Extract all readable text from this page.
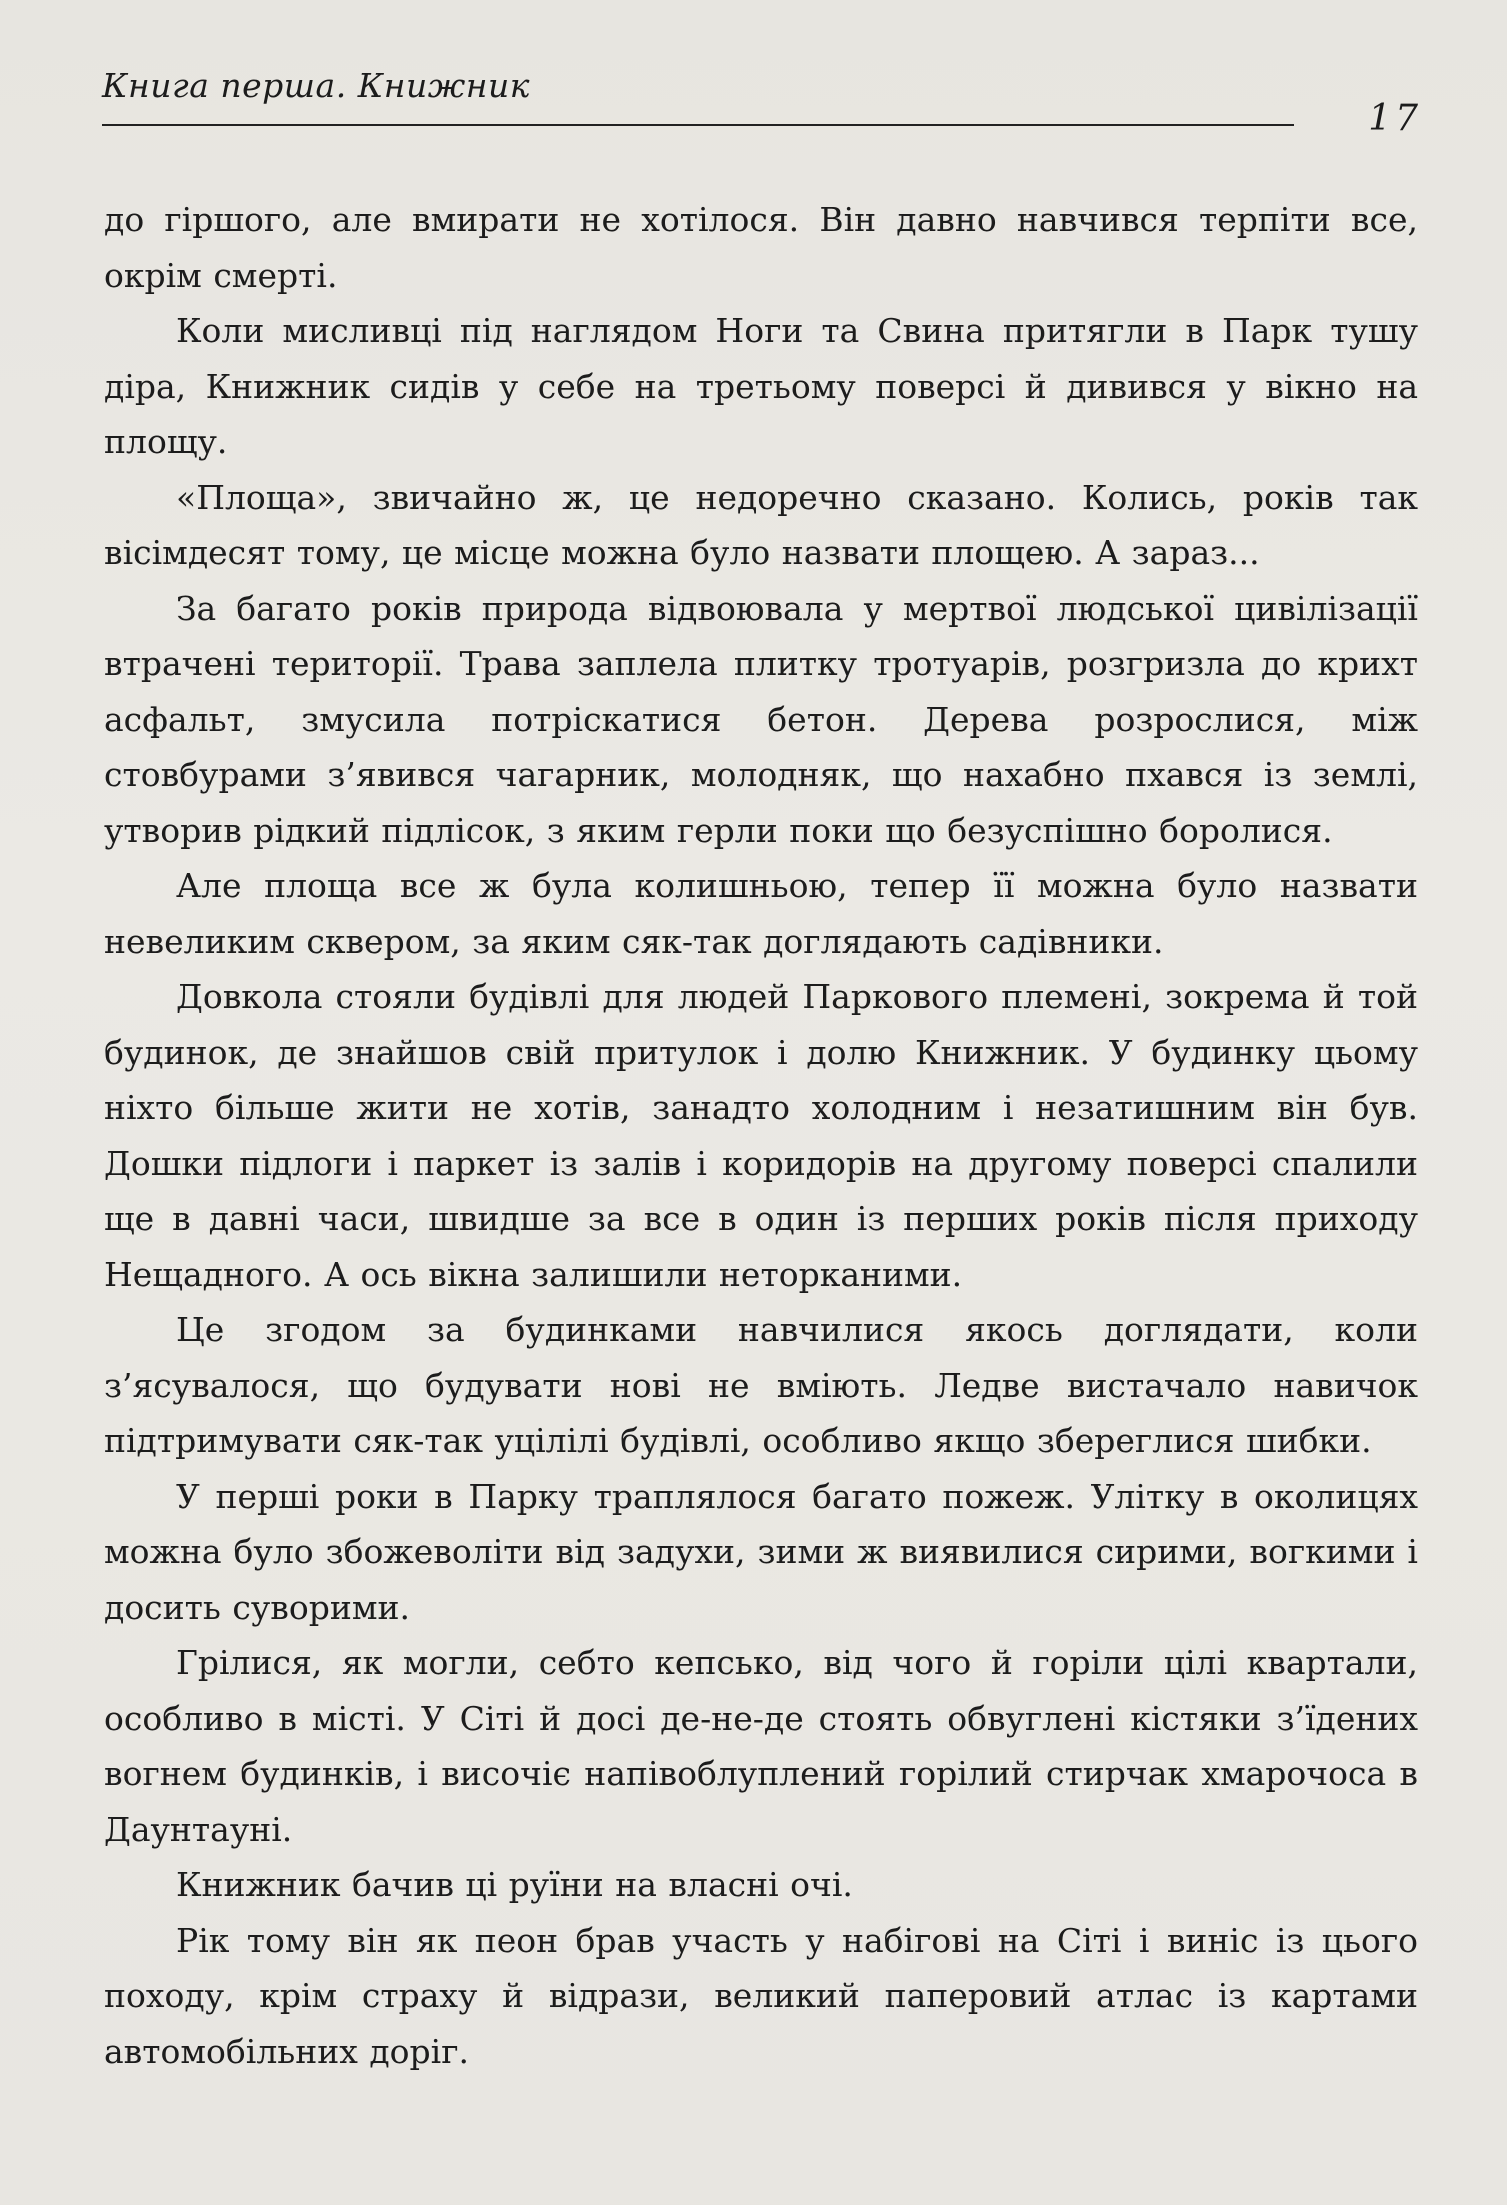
Книга перша. Книжник
17

до гіршого, але вмирати не хотілося. Він давно навчився терпіти все, окрім смерті.

Коли мисливці під наглядом Ноги та Свина притягли в Парк тушу діра, Книжник сидів у себе на третьому поверсі й дивився у вікно на площу.

«Площа», звичайно ж, це недоречно сказано. Колись, років так вісімдесят тому, це місце можна було назвати площею. А зараз...

За багато років природа відвоювала у мертвої людської цивілізації втрачені території. Трава заплела плитку тротуарів, розгризла до крихт асфальт, змусила потріскатися бетон. Дерева розрослися, між стовбурами з’явився чагарник, молодняк, що нахабно пхався із землі, утворив рідкий підлісок, з яким герли поки що безуспішно боролися.

Але площа все ж була колишньою, тепер її можна було назвати невеликим сквером, за яким сяк-так доглядають садівники.

Довкола стояли будівлі для людей Паркового племені, зокрема й той будинок, де знайшов свій притулок і долю Книжник. У будинку цьому ніхто більше жити не хотів, занадто холодним і незатишним він був. Дошки підлоги і паркет із залів і коридорів на другому поверсі спалили ще в давні часи, швидше за все в один із перших років після приходу Нещадного. А ось вікна залишили неторканими.

Це згодом за будинками навчилися якось доглядати, коли з’ясувалося, що будувати нові не вміють. Ледве вистачало навичок підтримувати сяк-так уцілілі будівлі, особливо якщо збереглися шибки.

У перші роки в Парку траплялося багато пожеж. Улітку в околицях можна було збожеволіти від задухи, зими ж виявилися сирими, вогкими і досить суворими.

Грілися, як могли, себто кепсько, від чого й горіли цілі квартали, особливо в місті. У Сіті й досі де-не-де стоять обвуглені кістяки з’їдених вогнем будинків, і височіє напівоблуплений горілий стирчак хмарочоса в Даунтауні.

Книжник бачив ці руїни на власні очі.

Рік тому він як пеон брав участь у набігові на Сіті і виніс із цього походу, крім страху й відрази, великий паперовий атлас із картами автомобільних доріг.
